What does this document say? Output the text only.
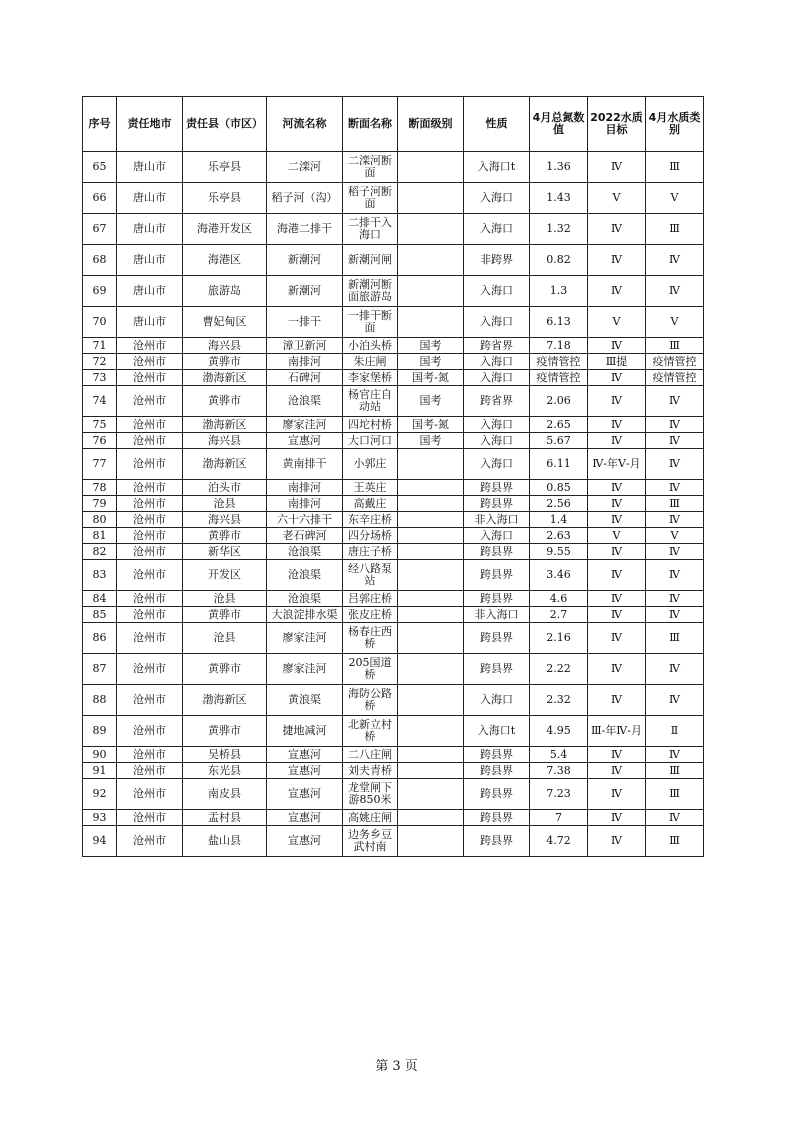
序号	责任地市	责任县（市区）	河流名称	断面名称	断面级别	性质	4月总氮数值	2022水质目标	4月水质类别
65	唐山市	乐亭县	二滦河	二滦河断面		入海口t	1.36	Ⅳ	Ⅲ
66	唐山市	乐亭县	稻子河（沟）	稻子河断面		入海口	1.43	Ⅴ	Ⅴ
67	唐山市	海港开发区	海港二排干	二排干入海口		入海口	1.32	Ⅳ	Ⅲ
68	唐山市	海港区	新潮河	新潮河闸		非跨界	0.82	Ⅳ	Ⅳ
69	唐山市	旅游岛	新潮河	新潮河断面旅游岛		入海口	1.3	Ⅳ	Ⅳ
70	唐山市	曹妃甸区	一排干	一排干断面		入海口	6.13	Ⅴ	Ⅴ
71	沧州市	海兴县	漳卫新河	小泊头桥	国考	跨省界	7.18	Ⅳ	Ⅲ
72	沧州市	黄骅市	南排河	朱庄闸	国考	入海口	疫情管控	Ⅲ提	疫情管控
73	沧州市	渤海新区	石碑河	李家堡桥	国考-氮	入海口	疫情管控	Ⅳ	疫情管控
74	沧州市	黄骅市	沧浪渠	杨官庄自动站	国考	跨省界	2.06	Ⅳ	Ⅳ
75	沧州市	渤海新区	廖家洼河	四坨村桥	国考-氮	入海口	2.65	Ⅳ	Ⅳ
76	沧州市	海兴县	宣惠河	大口河口	国考	入海口	5.67	Ⅳ	Ⅳ
77	沧州市	渤海新区	黄南排干	小郭庄		入海口	6.11	Ⅳ-年Ⅴ-月	Ⅳ
78	沧州市	泊头市	南排河	王英庄		跨县界	0.85	Ⅳ	Ⅳ
79	沧州市	沧县	南排河	高戴庄		跨县界	2.56	Ⅳ	Ⅲ
80	沧州市	海兴县	六十六排干	东辛庄桥		非入海口	1.4	Ⅳ	Ⅳ
81	沧州市	黄骅市	老石碑河	四分场桥		入海口	2.63	Ⅴ	Ⅴ
82	沧州市	新华区	沧浪渠	唐庄子桥		跨县界	9.55	Ⅳ	Ⅳ
83	沧州市	开发区	沧浪渠	经八路泵站		跨县界	3.46	Ⅳ	Ⅳ
84	沧州市	沧县	沧浪渠	吕郭庄桥		跨县界	4.6	Ⅳ	Ⅳ
85	沧州市	黄骅市	大浪淀排水渠	张皮庄桥		非入海口	2.7	Ⅳ	Ⅳ
86	沧州市	沧县	廖家洼河	杨春庄西桥		跨县界	2.16	Ⅳ	Ⅲ
87	沧州市	黄骅市	廖家洼河	205国道桥		跨县界	2.22	Ⅳ	Ⅳ
88	沧州市	渤海新区	黄浪渠	海防公路桥		入海口	2.32	Ⅳ	Ⅳ
89	沧州市	黄骅市	捷地减河	北新立村桥		入海口t	4.95	Ⅲ-年Ⅳ-月	Ⅱ
90	沧州市	吴桥县	宣惠河	二八庄闸		跨县界	5.4	Ⅳ	Ⅳ
91	沧州市	东光县	宣惠河	刘夫青桥		跨县界	7.38	Ⅳ	Ⅲ
92	沧州市	南皮县	宣惠河	龙堂闸下游850米		跨县界	7.23	Ⅳ	Ⅲ
93	沧州市	盂村县	宣惠河	高姚庄闸		跨县界	7	Ⅳ	Ⅳ
94	沧州市	盐山县	宣惠河	边务乡豆武村南		跨县界	4.72	Ⅳ	Ⅲ
第 3 页
